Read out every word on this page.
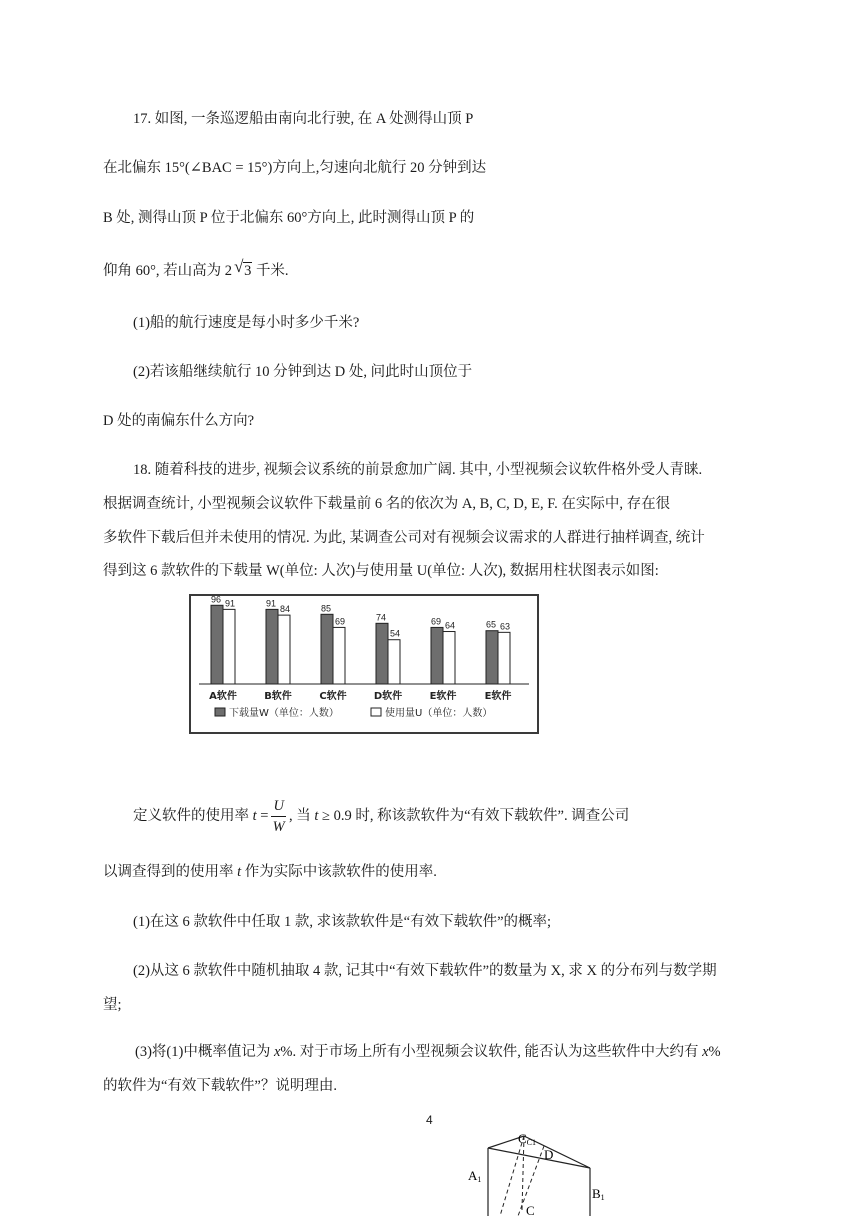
17. 如图, 一条巡逻船由南向北行驶, 在 A 处测得山顶 P
在北偏东 15°(∠BAC = 15°)方向上,匀速向北航行 20 分钟到达
B 处, 测得山顶 P 位于北偏东 60°方向上, 此时测得山顶 P 的
仰角 60°, 若山高为 2 √ 3 千米.
(1)船的航行速度是每小时多少千米?
(2)若该船继续航行 10 分钟到达 D 处, 问此时山顶位于
D 处的南偏东什么方向?
18. 随着科技的进步, 视频会议系统的前景愈加广阔. 其中, 小型视频会议软件格外受人青睐.
根据调查统计, 小型视频会议软件下载量前 6 名的依次为 A, B, C, D, E, F. 在实际中, 存在很
多软件下载后但并未使用的情况. 为此, 某调查公司对有视频会议需求的人群进行抽样调查, 统计
得到这 6 款软件的下载量 W(单位: 人次)与使用量 U(单位: 人次), 数据用柱状图表示如图:
96 91
A软件
91
84
B软件
85
69
C软件
74
54
D软件
69 64
E软件
65 63
E软件
下载量W（单位：人数）	使用量U（单位：人数）
定义软件的使用率 $t = \frac{U}{W}$ , 当 t ≥ 0.9 时, 称该款软件为“有效下载软件”. 调查公司
以调查得到的使用率 t 作为实际中该款软件的使用率.
(1)在这 6 款软件中任取 1 款, 求该款软件是“有效下载软件”的概率;
(2)从这 6 款软件中随机抽取 4 款, 记其中“有效下载软件”的数量为 X, 求 X 的分布列与数学期
望;
(3)将(1)中概率值记为 x%. 对于市场上所有小型视频会议软件, 能否认为这些软件中大约有 x%
的软件为“有效下载软件”？说明理由.
4
CC1
D
A1
B1
C
